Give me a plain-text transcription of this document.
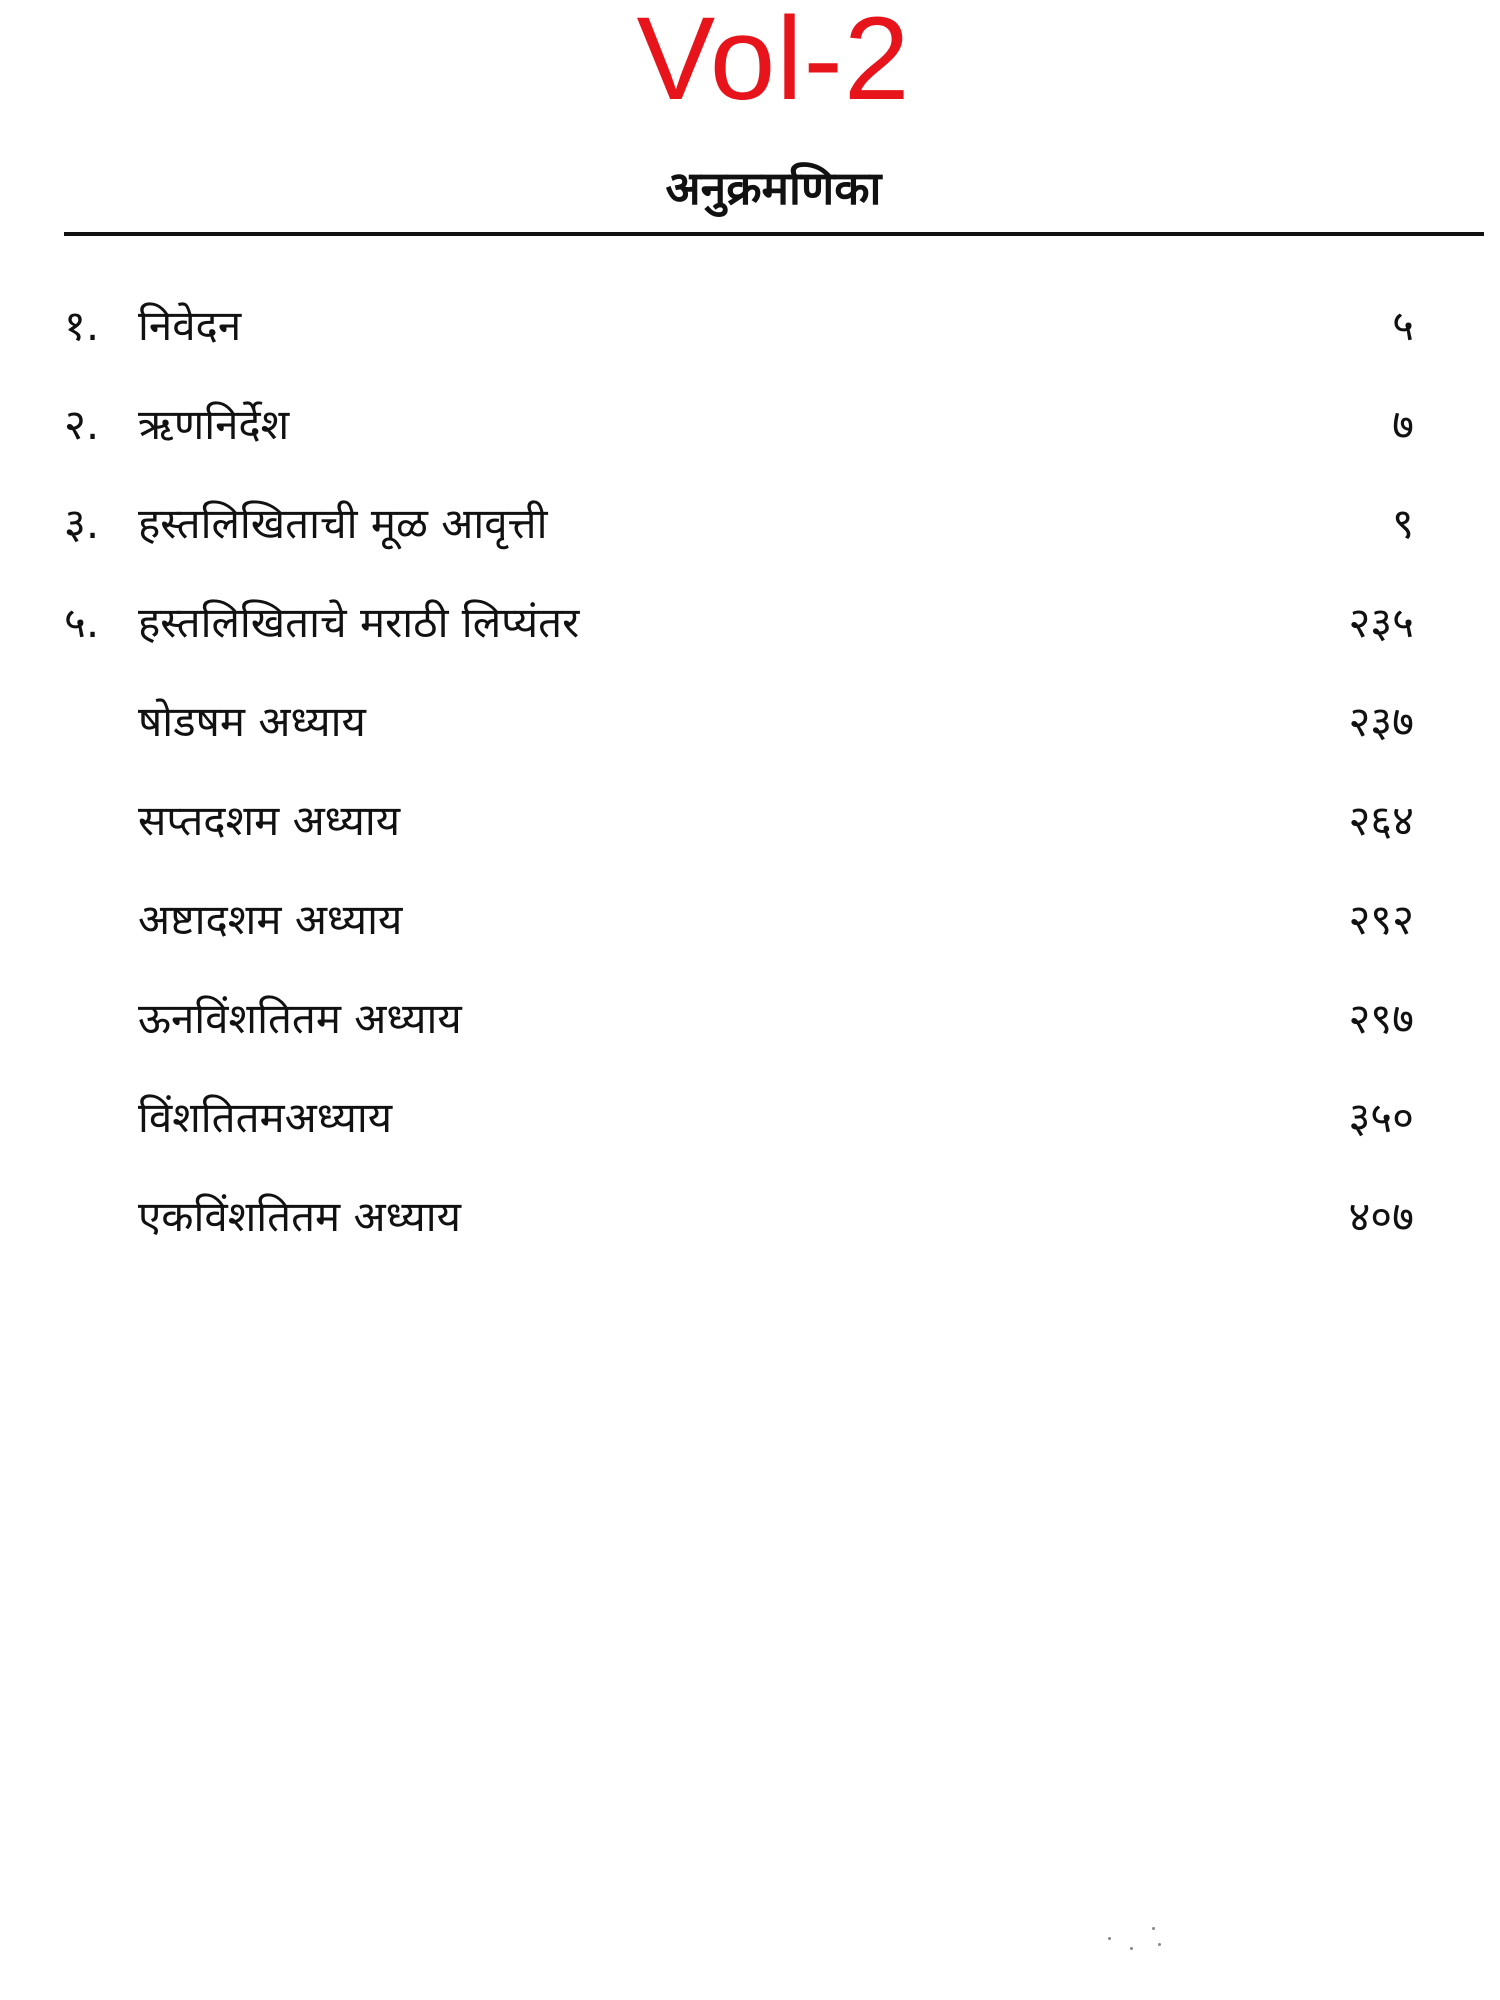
Vol-2
अनुक्रमणिका
१. निवेदन	५
२. ऋणनिर्देश	७
३. हस्तलिखिताची मूळ आवृत्ती	९
५. हस्तलिखिताचे मराठी लिप्यंतर	२३५
षोडषम अध्याय	२३७
सप्तदशम अध्याय	२६४
अष्टादशम अध्याय	२९२
ऊनविंशतितम अध्याय	२९७
विंशतितमअध्याय	३५०
एकविंशतितम अध्याय	४०७
